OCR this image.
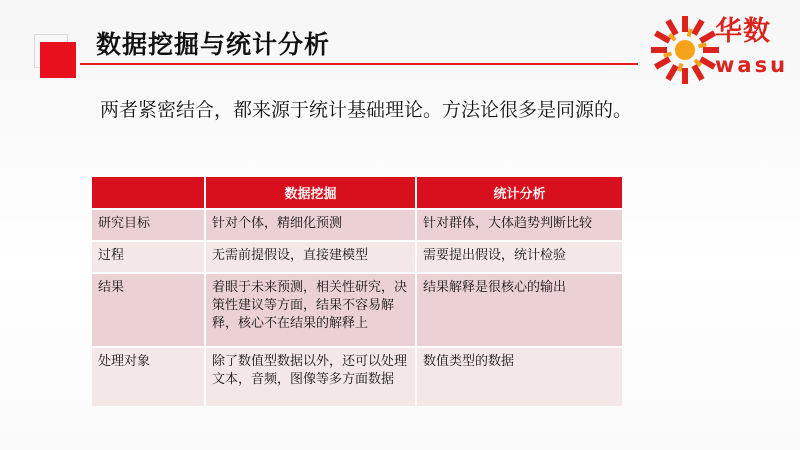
数据挖掘与统计分析	华数
wasu
两者紧密结合，都来源于统计基础理论。方法论很多是同源的。
	数据挖掘	统计分析
研究目标	针对个体，精细化预测	针对群体，大体趋势判断比较
过程	无需前提假设，直接建模型	需要提出假设，统计检验
结果	着眼于未来预测，相关性研究，决策性建议等方面，结果不容易解释，核心不在结果的解释上	结果解释是很核心的输出
处理对象	除了数值型数据以外，还可以处理文本，音频，图像等多方面数据	数值类型的数据
